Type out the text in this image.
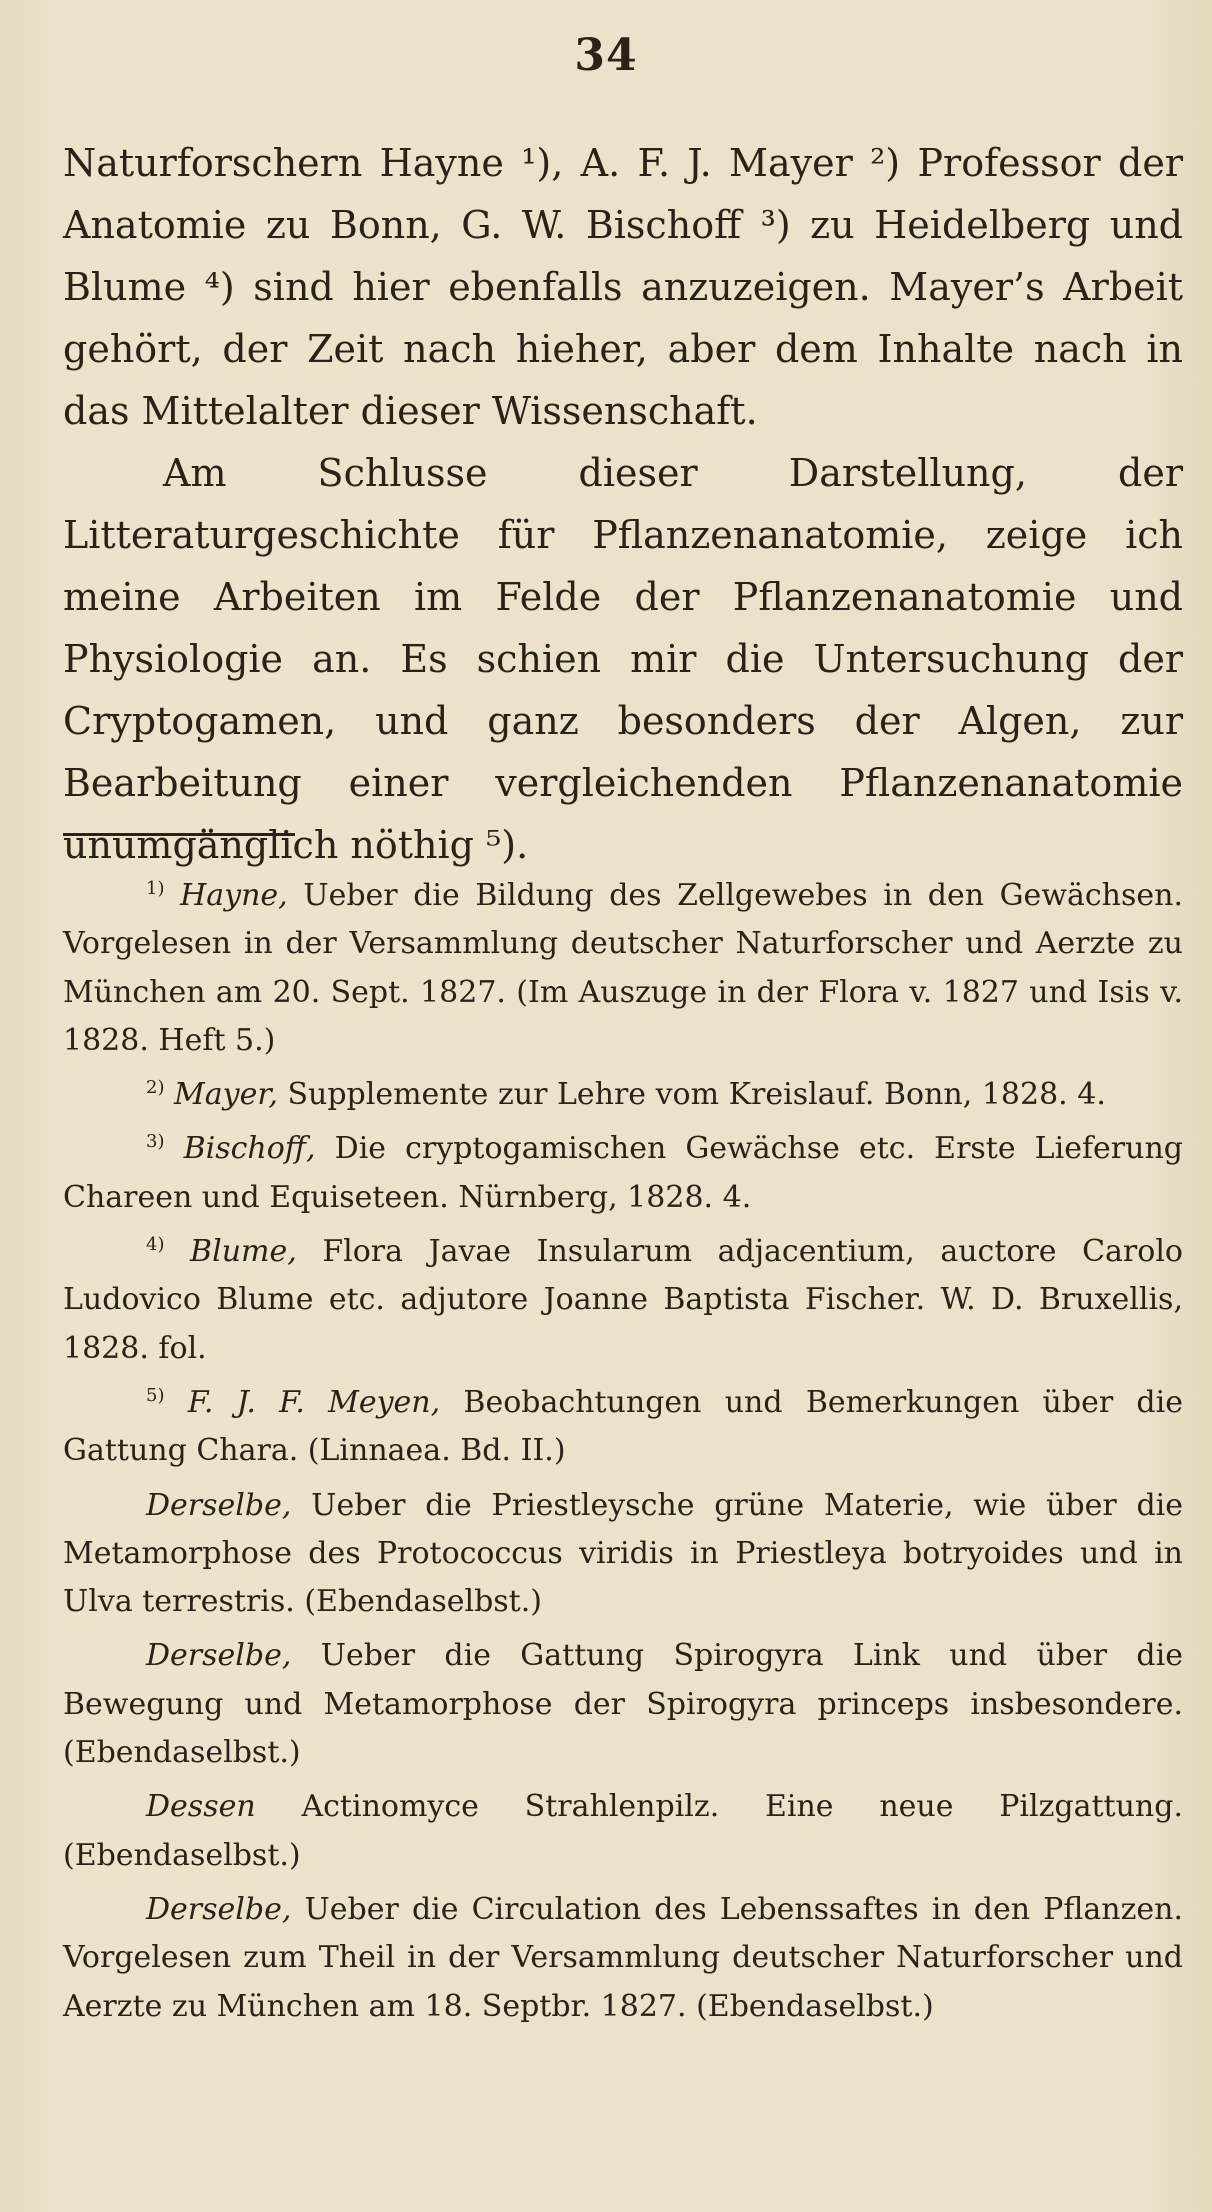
34

Naturforschern Hayne ¹), A. F. J. Mayer ²) Professor der Anatomie zu Bonn, G. W. Bischoff ³) zu Heidelberg und Blume ⁴) sind hier ebenfalls anzuzeigen. Mayer’s Arbeit gehört, der Zeit nach hieher, aber dem Inhalte nach in das Mittelalter dieser Wissenschaft.

Am Schlusse dieser Darstellung, der Litteraturgeschichte für Pflanzenanatomie, zeige ich meine Arbeiten im Felde der Pflanzenanatomie und Physiologie an. Es schien mir die Untersuchung der Cryptogamen, und ganz besonders der Algen, zur Bearbeitung einer vergleichenden Pflanzenanatomie unumgänglich nöthig ⁵).

$^{1)}$ Hayne, Ueber die Bildung des Zellgewebes in den Gewächsen. Vorgelesen in der Versammlung deutscher Naturforscher und Aerzte zu München am 20. Sept. 1827. (Im Auszuge in der Flora v. 1827 und Isis v. 1828. Heft 5.)

$^{2)}$ Mayer, Supplemente zur Lehre vom Kreislauf. Bonn, 1828. 4.

$^{3)}$ Bischoff, Die cryptogamischen Gewächse etc. Erste Lieferung Chareen und Equiseteen. Nürnberg, 1828. 4.

$^{4)}$ Blume, Flora Javae Insularum adjacentium, auctore Carolo Ludovico Blume etc. adjutore Joanne Baptista Fischer. W. D. Bruxellis, 1828. fol.

$^{5)}$ F. J. F. Meyen, Beobachtungen und Bemerkungen über die Gattung Chara. (Linnaea. Bd. II.)

Derselbe, Ueber die Priestleysche grüne Materie, wie über die Metamorphose des Protococcus viridis in Priestleya botryoides und in Ulva terrestris. (Ebendaselbst.)

Derselbe, Ueber die Gattung Spirogyra Link und über die Bewegung und Metamorphose der Spirogyra princeps insbesondere. (Ebendaselbst.)

Dessen Actinomyce Strahlenpilz. Eine neue Pilzgattung. (Ebendaselbst.)

Derselbe, Ueber die Circulation des Lebenssaftes in den Pflanzen. Vorgelesen zum Theil in der Versammlung deutscher Naturforscher und Aerzte zu München am 18. Septbr. 1827. (Ebendaselbst.)
